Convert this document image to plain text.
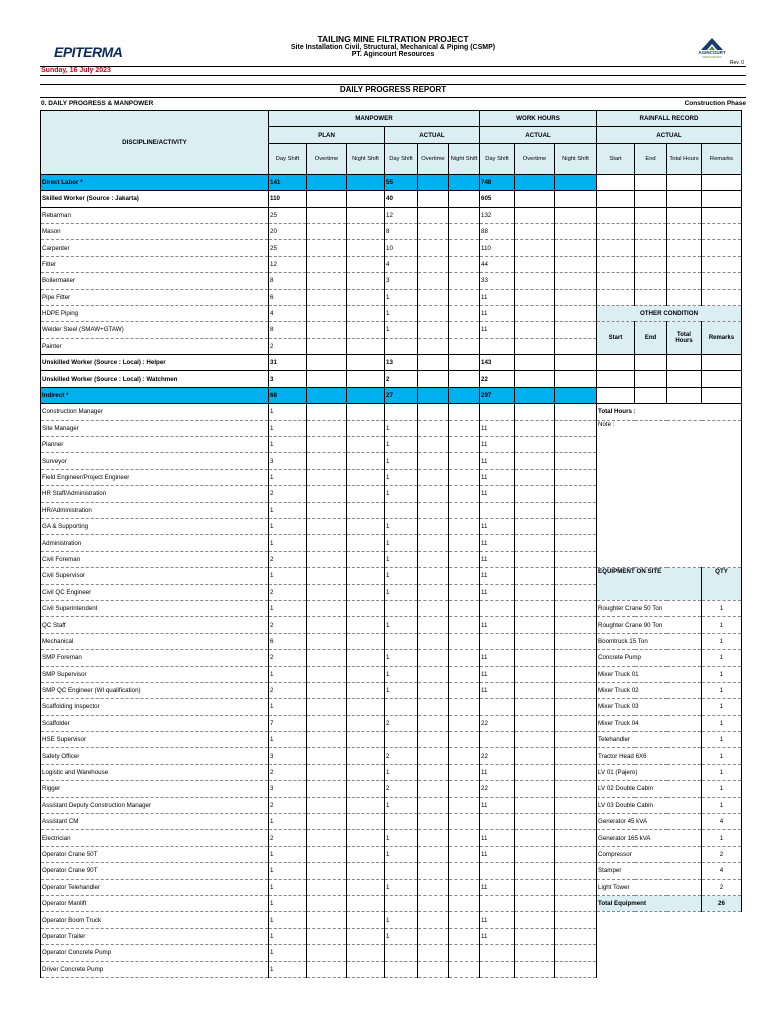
EPITERMA
TAILING MINE FILTRATION PROJECT
Site Installation Civil, Structural, Mechanical & Piping (CSMP)
PT. Agincourt Resources	AGINCOURT
RESOURCES
Rev. 0
Sunday, 16 July 2023
DAILY PROGRESS REPORT
0. DAILY PROGRESS & MANPOWER	Construction Phase
DISCIPLINE/ACTIVITY	MANPOWER						WORK HOURS			RAINFALL RECORD			
	PLAN			ACTUAL			ACTUAL			ACTUAL			
	Day Shift	Overtime	Night Shift	Day Shift	Overtime	Night Shift	Day Shift	Overtime	Night Shift	Start	End	Total Hours	Remarks
Direct Labor *	141			55			748						
Skilled Worker (Source : Jakarta)	110			40			605						
Rebarman	25			12			132						
Mason	20			8			88						
Carpenter	25			10			110						
Fitter	12			4			44						
Boilermaker	8			3			33						
Pipe Fitter	6			1			11						
HDPE Piping	4			1			11			OTHER CONDITION			
Welder Steel (SMAW+GTAW)	8			1			11			Start	End	Total Hours	Remarks
Painter	2												
Unskilled Worker (Source : Local) : Helper	31			13			143						
Unskilled Worker (Source : Local) : Watchmen	3			2			22						
Indirect *	68			27			297						
Construction Manager	1									Total Hours :			
Site Manager	1			1			11			Note :			
Planner	1			1			11						
Surveyor	3			1			11						
Field Engineer/Project Engineer	1			1			11						
HR Staff/Administration	2			1			11						
HR/Administration	1												
GA & Supporting	1			1			11						
Administration	1			1			11						
Civil Foreman	2			1			11						
Civil Supervisor	1			1			11			EQUIPMENT ON SITE			QTY
Civil QC Engineer	2			1			11						
Civil Superintendent	1									Roughter Crane 50 Ton			1
QC Staff	2			1			11			Roughter Crane 90 Ton			1
Mechanical	6									Boomtruck 15 Ton			1
SMP Foreman	2			1			11			Concrete Pump			1
SMP Supervisor	1			1			11			Mixer Truck 01			1
SMP QC Engineer (WI qualification)	2			1			11			Mixer Truck 02			1
Scaffolding Inspector	1									Mixer Truck 03			1
Scaffolder	7			2			22			Mixer Truck 04			1
HSE Supervisor	1									Telehandler			1
Safety Officer	3			2			22			Tractor Head 6X6			1
Logistic and Warehouse	2			1			11			LV 01 (Pajero)			1
Rigger	3			2			22			LV 02 Double Cabin			1
Assistant Deputy Construction Manager	2			1			11			LV 03 Double Cabin			1
Assistant CM	1									Generator 45 kVA			4
Electrician	2			1			11			Generator 165 kVA			1
Operator Crane 50T	1			1			11			Compressor			2
Operator Crane 90T	1									Stamper			4
Operator Telehandler	1			1			11			Light Tower			2
Operator Manlift	1									Total Equipment			26
Operator Boom Truck	1			1			11						
Operator Trailer	1			1			11						
Operator Concrete Pump	1												
Driver Concrete Pump	1												
